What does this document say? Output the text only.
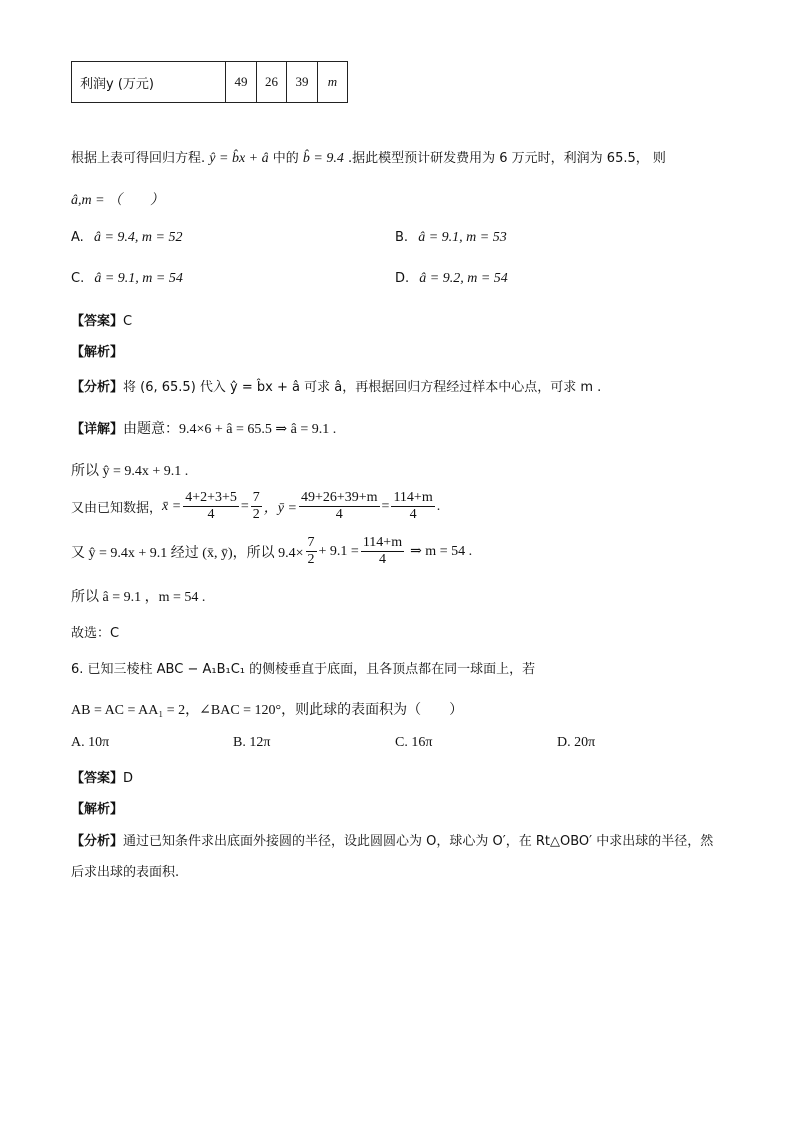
利润y (万元)	49	26	39	m
根据上表可得回归方程. ŷ = b̂x + â 中的 b̂ = 9.4 .据此模型预计研发费用为 6 万元时，利润为 65.5， 则
â,m = （　　）
A. â = 9.4, m = 52	B. â = 9.1, m = 53
C. â = 9.1, m = 54	D. â = 9.2, m = 54
【答案】C
【解析】
【分析】将 (6, 65.5) 代入 ŷ = b̂x + â 可求 â，再根据回归方程经过样本中心点，可求 m .
【详解】由题意：9.4×6 + â = 65.5 ⇒ â = 9.1 .
所以 ŷ = 9.4x + 9.1 .
又由已知数据， x̄ = $\frac{4+2+3+5}{4} = \frac{7}{2}$ ，ȳ = $\frac{49+26+39+m}{4} = \frac{114+m}{4}$ .
又 ŷ = 9.4x + 9.1 经过 (x̄, ȳ)，所以 $9.4\times \frac{7}{2} + 9.1 = \frac{114+m}{4}$ ⇒ m = 54 .
所以 â = 9.1 ，m = 54 .
故选：C
6. 已知三棱柱 ABC − A₁B₁C₁ 的侧棱垂直于底面，且各顶点都在同一球面上，若
AB = AC = AA₁ = 2，∠BAC = 120°，则此球的表面积为（　　）
A. 10π	B. 12π	C. 16π	D. 20π
【答案】D
【解析】
【分析】通过已知条件求出底面外接圆的半径，设此圆圆心为 O，球心为 O′，在 Rt△OBO′ 中求出球的半径，然
后求出球的表面积.
